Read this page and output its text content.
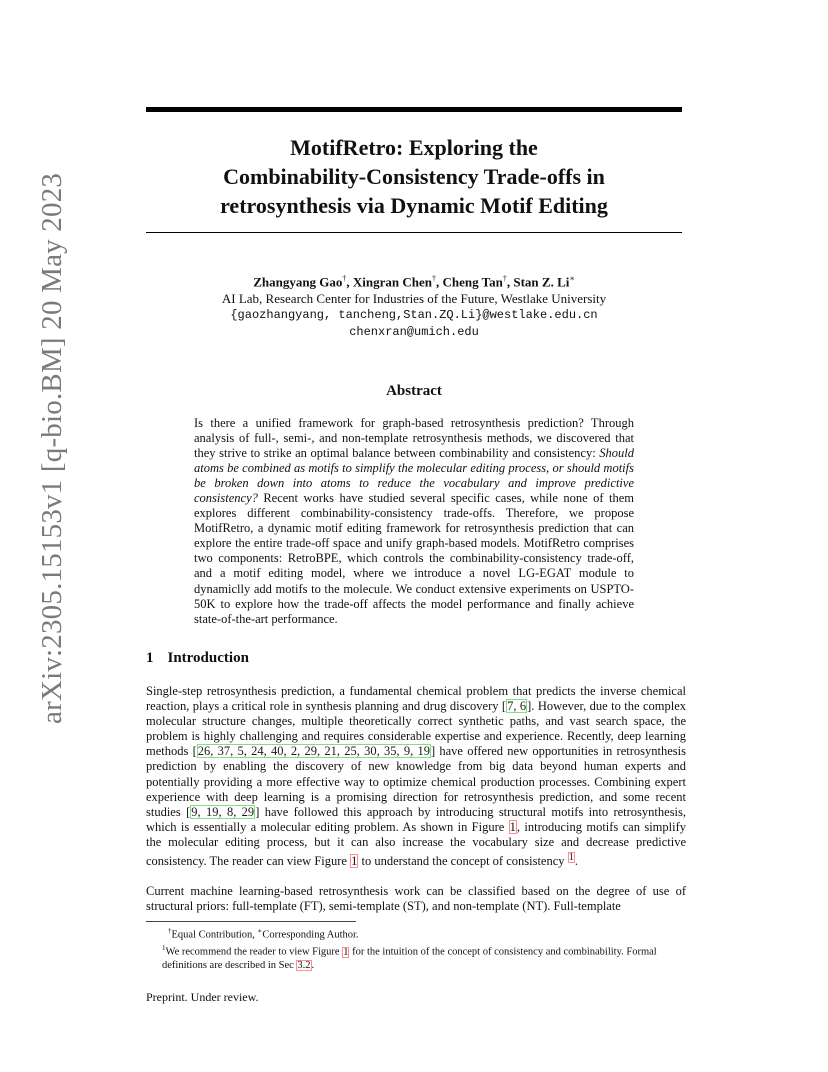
arXiv:2305.15153v1 [q-bio.BM] 20 May 2023
MotifRetro: Exploring the
Combinability-Consistency Trade-offs in
retrosynthesis via Dynamic Motif Editing
Zhangyang Gao†, Xingran Chen†, Cheng Tan†, Stan Z. Li∗
AI Lab, Research Center for Industries of the Future, Westlake University
{gaozhangyang, tancheng,Stan.ZQ.Li}@westlake.edu.cn
chenxran@umich.edu
Abstract

Is there a unified framework for graph-based retrosynthesis prediction? Through analysis of full-, semi-, and non-template retrosynthesis methods, we discovered that they strive to strike an optimal balance between combinability and consistency: Should atoms be combined as motifs to simplify the molecular editing process, or should motifs be broken down into atoms to reduce the vocabulary and improve predictive consistency? Recent works have studied several specific cases, while none of them explores different combinability-consistency trade-offs. Therefore, we propose MotifRetro, a dynamic motif editing framework for retrosynthesis prediction that can explore the entire trade-off space and unify graph-based models. MotifRetro comprises two components: RetroBPE, which controls the combinability-consistency trade-off, and a motif editing model, where we introduce a novel LG-EGAT module to dynamiclly add motifs to the molecule. We conduct extensive experiments on USPTO-50K to explore how the trade-off affects the model performance and finally achieve state-of-the-art performance.

1 Introduction

Single-step retrosynthesis prediction, a fundamental chemical problem that predicts the inverse chemical reaction, plays a critical role in synthesis planning and drug discovery [7, 6]. However, due to the complex molecular structure changes, multiple theoretically correct synthetic paths, and vast search space, the problem is highly challenging and requires considerable expertise and experience. Recently, deep learning methods [26, 37, 5, 24, 40, 2, 29, 21, 25, 30, 35, 9, 19] have offered new opportunities in retrosynthesis prediction by enabling the discovery of new knowledge from big data beyond human experts and potentially providing a more effective way to optimize chemical production processes. Combining expert experience with deep learning is a promising direction for retrosynthesis prediction, and some recent studies [9, 19, 8, 29] have followed this approach by introducing structural motifs into retrosynthesis, which is essentially a molecular editing problem. As shown in Figure 1, introducing motifs can simplify the molecular editing process, but it can also increase the vocabulary size and decrease predictive consistency. The reader can view Figure 1 to understand the concept of consistency $^1$.

Current machine learning-based retrosynthesis work can be classified based on the degree of use of structural priors: full-template (FT), semi-template (ST), and non-template (NT). Full-template

†Equal Contribution, ∗Corresponding Author.

$^1$We recommend the reader to view Figure 1 for the intuition of the concept of consistency and combinability. Formal definitions are described in Sec 3.2.

Preprint. Under review.
